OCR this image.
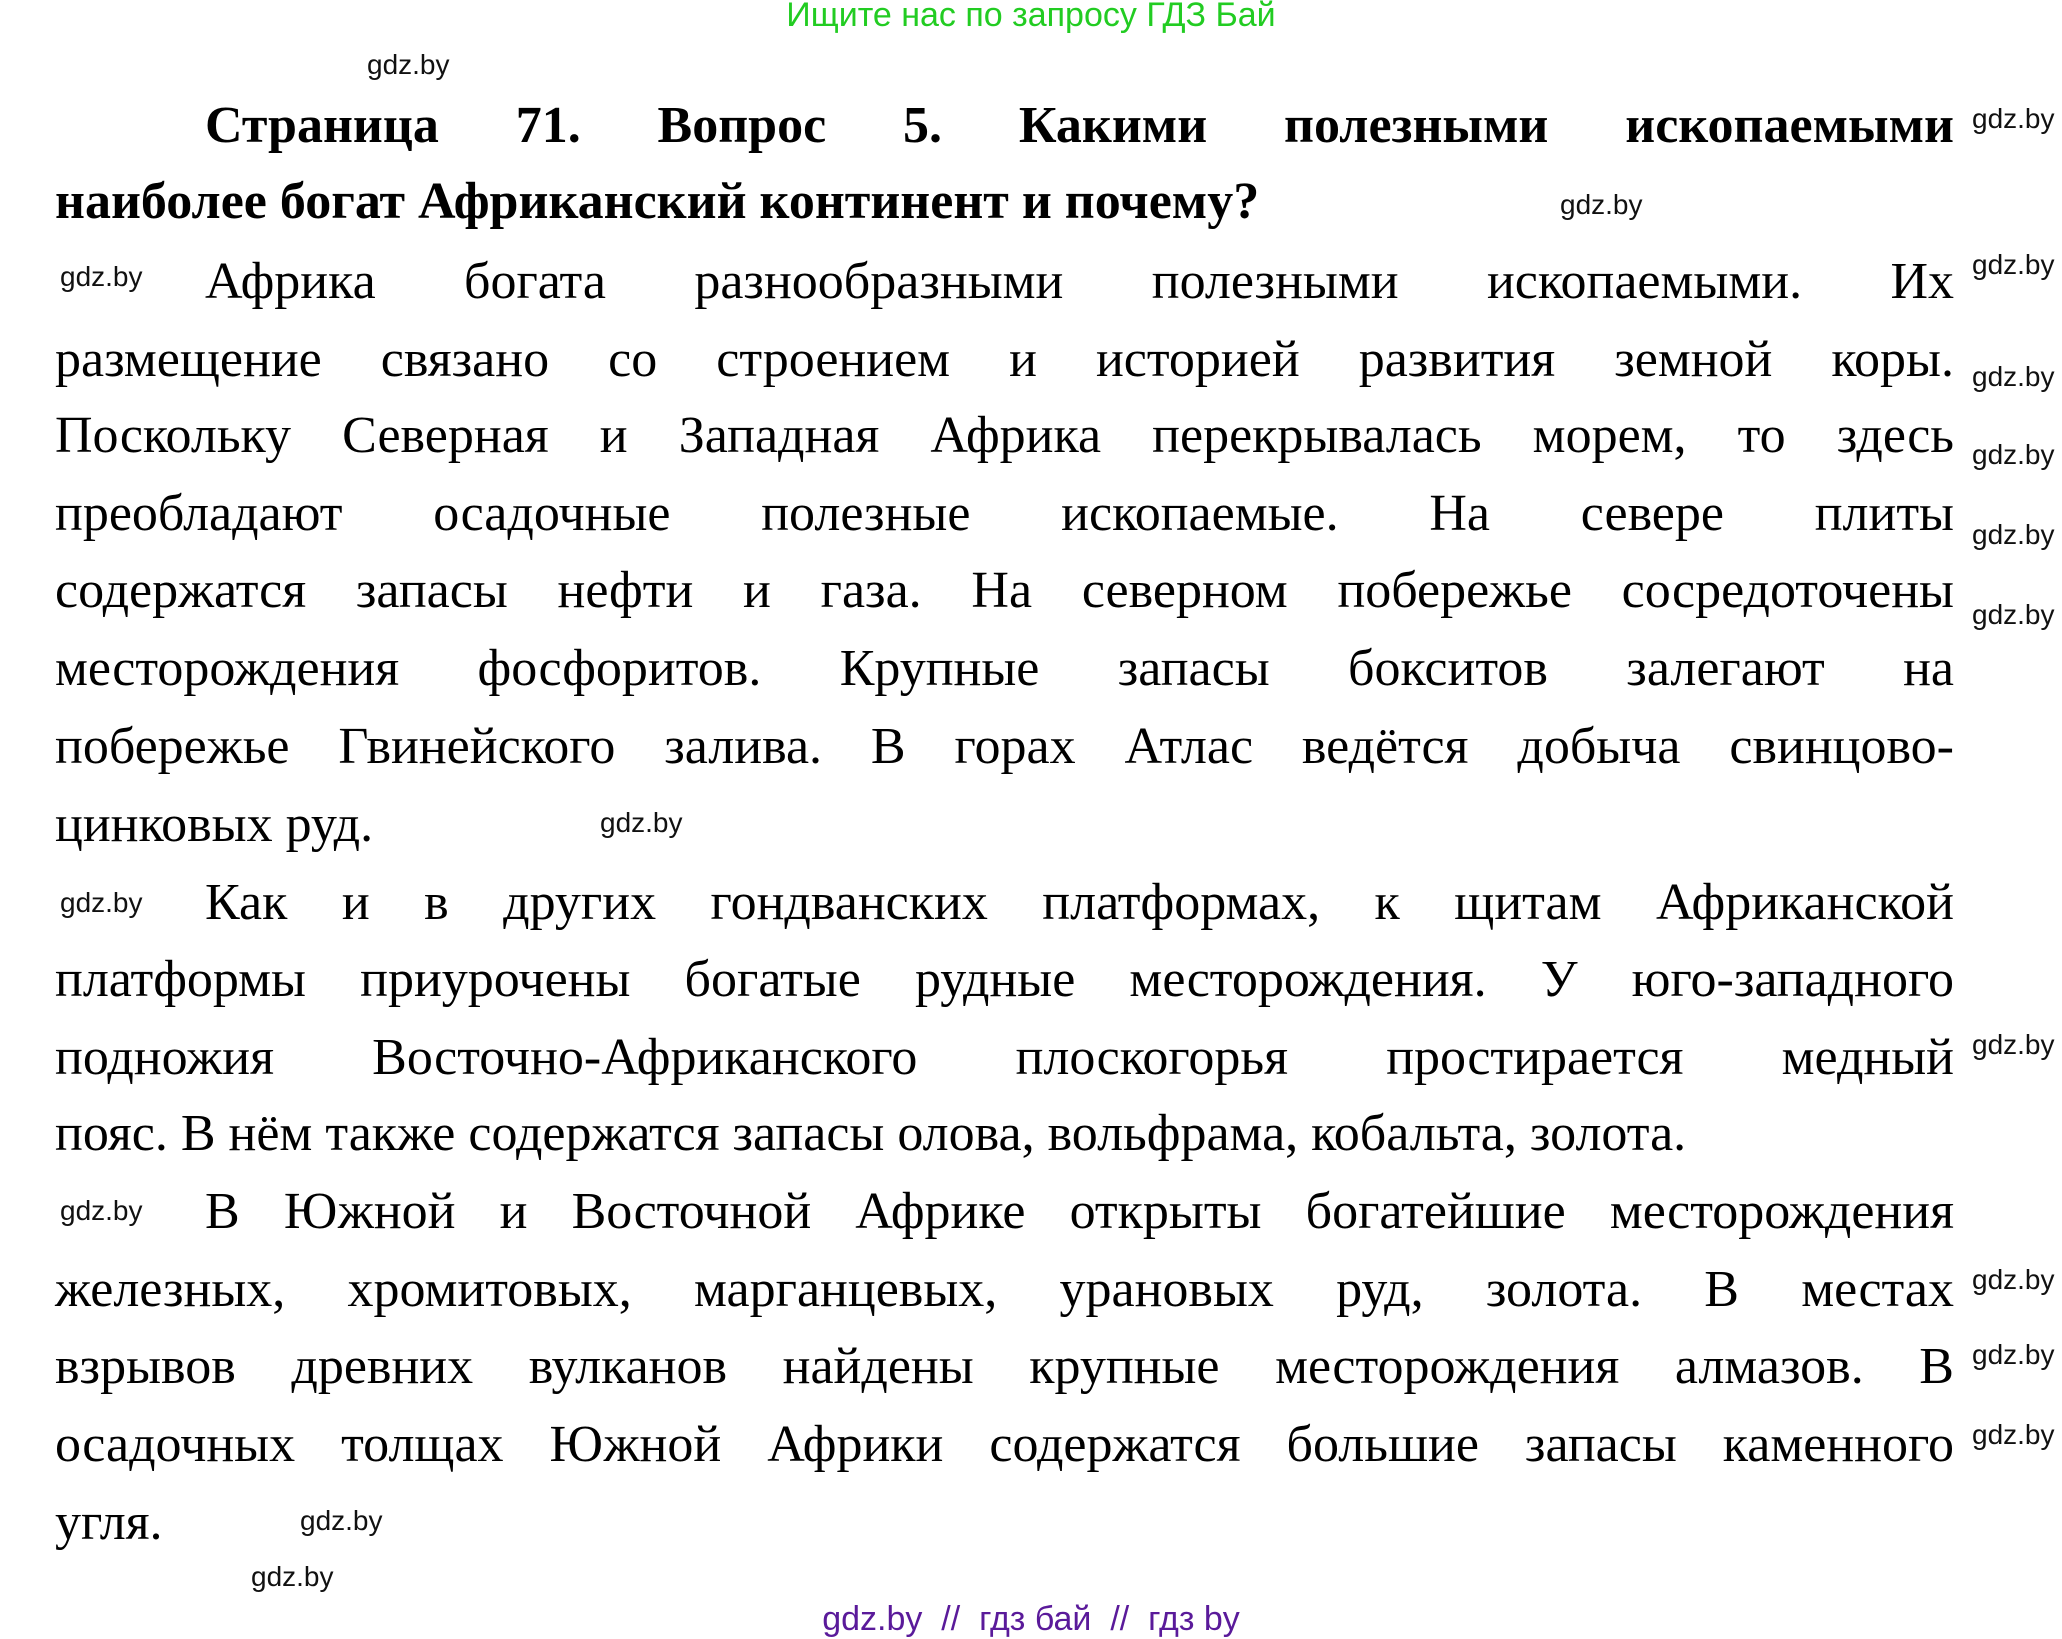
Ищите нас по запросу ГДЗ Бай
Страница 71. Вопрос 5. Какими полезными ископаемыми
наиболее богат Африканский континент и почему?
Африка богата разнообразными полезными ископаемыми. Их
размещение связано со строением и историей развития земной коры.
Поскольку Северная и Западная Африка перекрывалась морем, то здесь
преобладают осадочные полезные ископаемые. На севере плиты
содержатся запасы нефти и газа. На северном побережье сосредоточены
месторождения фосфоритов. Крупные запасы бокситов залегают на
побережье Гвинейского залива. В горах Атлас ведётся добыча свинцово-
цинковых руд.
Как и в других гондванских платформах, к щитам Африканской
платформы приурочены богатые рудные месторождения. У юго-западного
подножия Восточно-Африканского плоскогорья простирается медный
пояс. В нём также содержатся запасы олова, вольфрама, кобальта, золота.
В Южной и Восточной Африке открыты богатейшие месторождения
железных, хромитовых, марганцевых, урановых руд, золота. В местах
взрывов древних вулканов найдены крупные месторождения алмазов. В
осадочных толщах Южной Африки содержатся большие запасы каменного
угля.
gdz.by
gdz.by
gdz.by
gdz.by
gdz.by
gdz.by
gdz.by
gdz.by
gdz.by
gdz.by
gdz.by
gdz.by
gdz.by
gdz.by
gdz.by
gdz.by
gdz.by
gdz.by
gdz.by  //  гдз бай  //  гдз by
